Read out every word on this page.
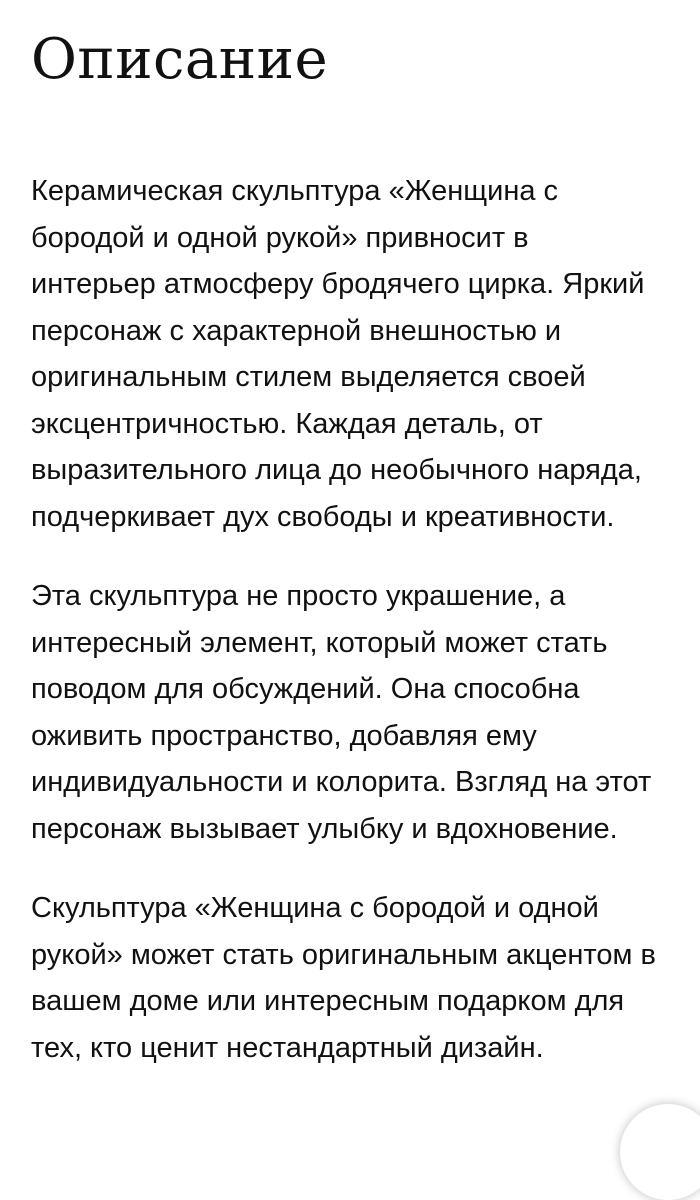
Описание

Керамическая скульптура «Женщина с
бородой и одной рукой» привносит в
интерьер атмосферу бродячего цирка. Яркий
персонаж с характерной внешностью и
оригинальным стилем выделяется своей
эксцентричностью. Каждая деталь, от
выразительного лица до необычного наряда,
подчеркивает дух свободы и креативности.

Эта скульптура не просто украшение, а
интересный элемент, который может стать
поводом для обсуждений. Она способна
оживить пространство, добавляя ему
индивидуальности и колорита. Взгляд на этот
персонаж вызывает улыбку и вдохновение.

Скульптура «Женщина с бородой и одной
рукой» может стать оригинальным акцентом в
вашем доме или интересным подарком для
тех, кто ценит нестандартный дизайн.
